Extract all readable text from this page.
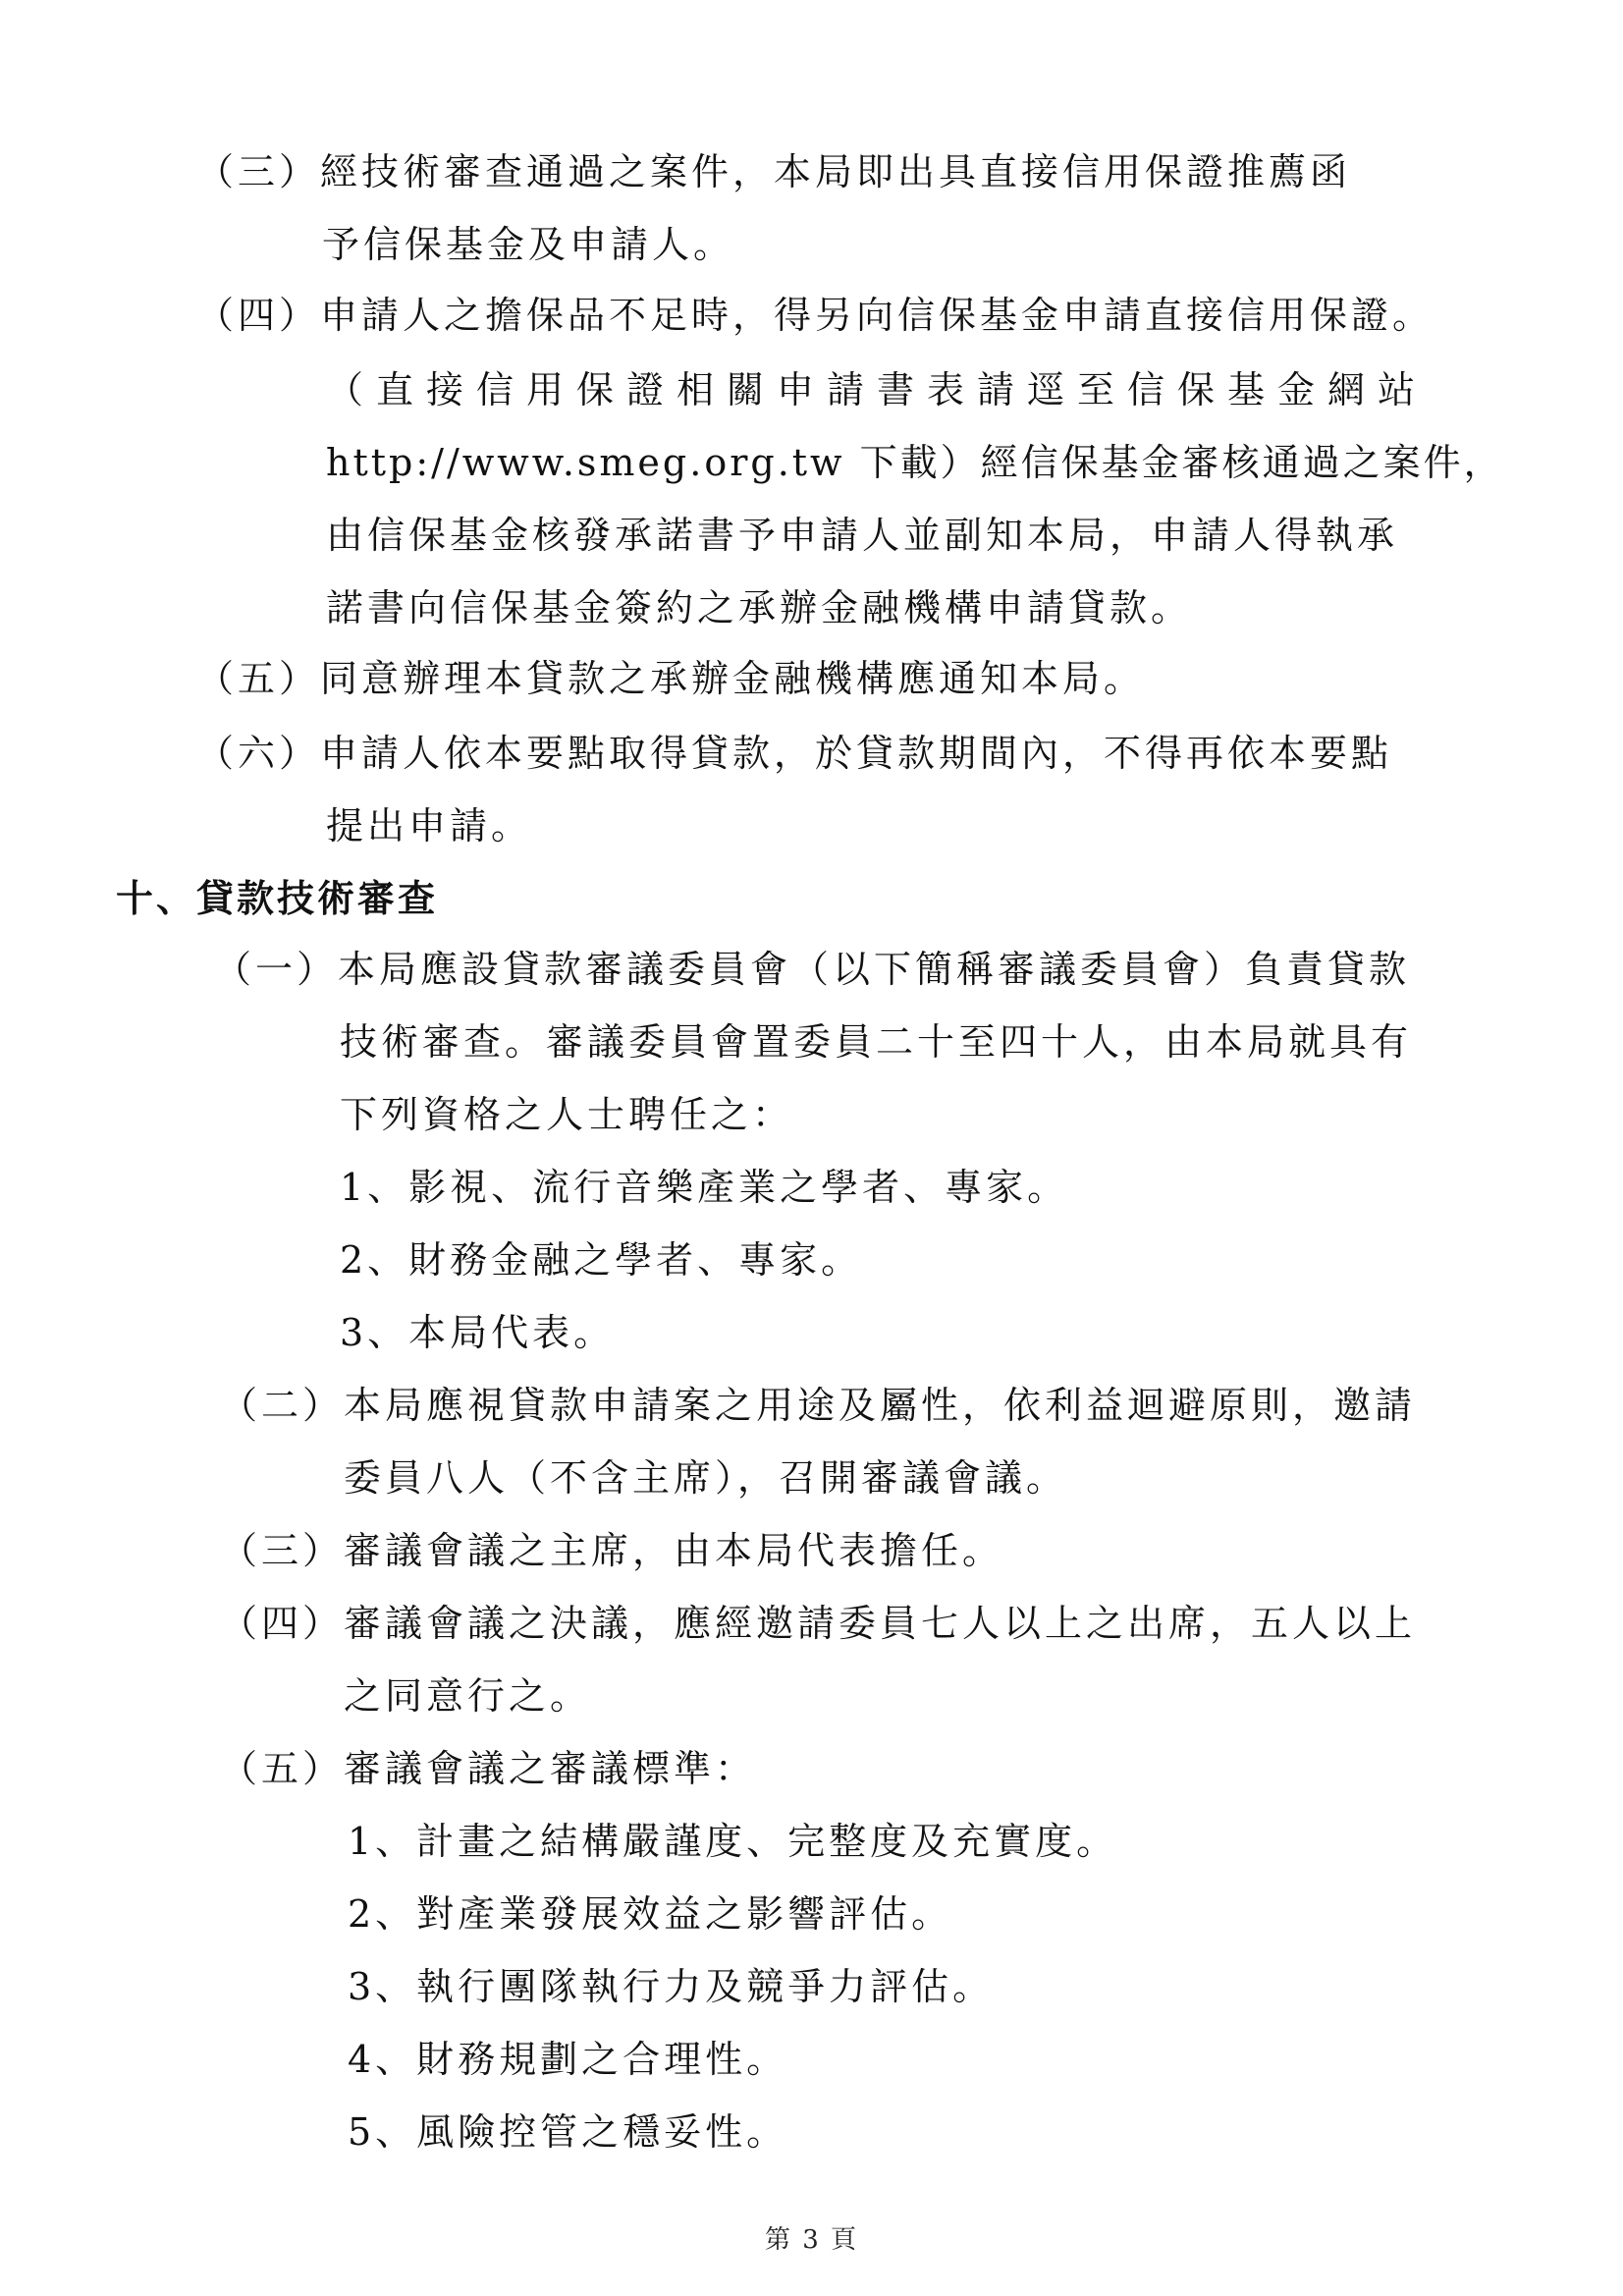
（三）經技術審查通過之案件，本局即出具直接信用保證推薦函
予信保基金及申請人。
（四）申請人之擔保品不足時，得另向信保基金申請直接信用保證。
（直接信用保證相關申請書表請逕至信保基金網站
http://www.smeg.org.tw 下載）經信保基金審核通過之案件，
由信保基金核發承諾書予申請人並副知本局，申請人得執承
諾書向信保基金簽約之承辦金融機構申請貸款。
（五）同意辦理本貸款之承辦金融機構應通知本局。
（六）申請人依本要點取得貸款，於貸款期間內，不得再依本要點
提出申請。
十、貸款技術審查
（一）本局應設貸款審議委員會（以下簡稱審議委員會）負責貸款
技術審查。審議委員會置委員二十至四十人，由本局就具有
下列資格之人士聘任之：
1、影視、流行音樂產業之學者、專家。
2、財務金融之學者、專家。
3、本局代表。
（二）本局應視貸款申請案之用途及屬性，依利益迴避原則，邀請
委員八人（不含主席），召開審議會議。
（三）審議會議之主席，由本局代表擔任。
（四）審議會議之決議，應經邀請委員七人以上之出席，五人以上
之同意行之。
（五）審議會議之審議標準：
1、計畫之結構嚴謹度、完整度及充實度。
2、對產業發展效益之影響評估。
3、執行團隊執行力及競爭力評估。
4、財務規劃之合理性。
5、風險控管之穩妥性。
第 3 頁
